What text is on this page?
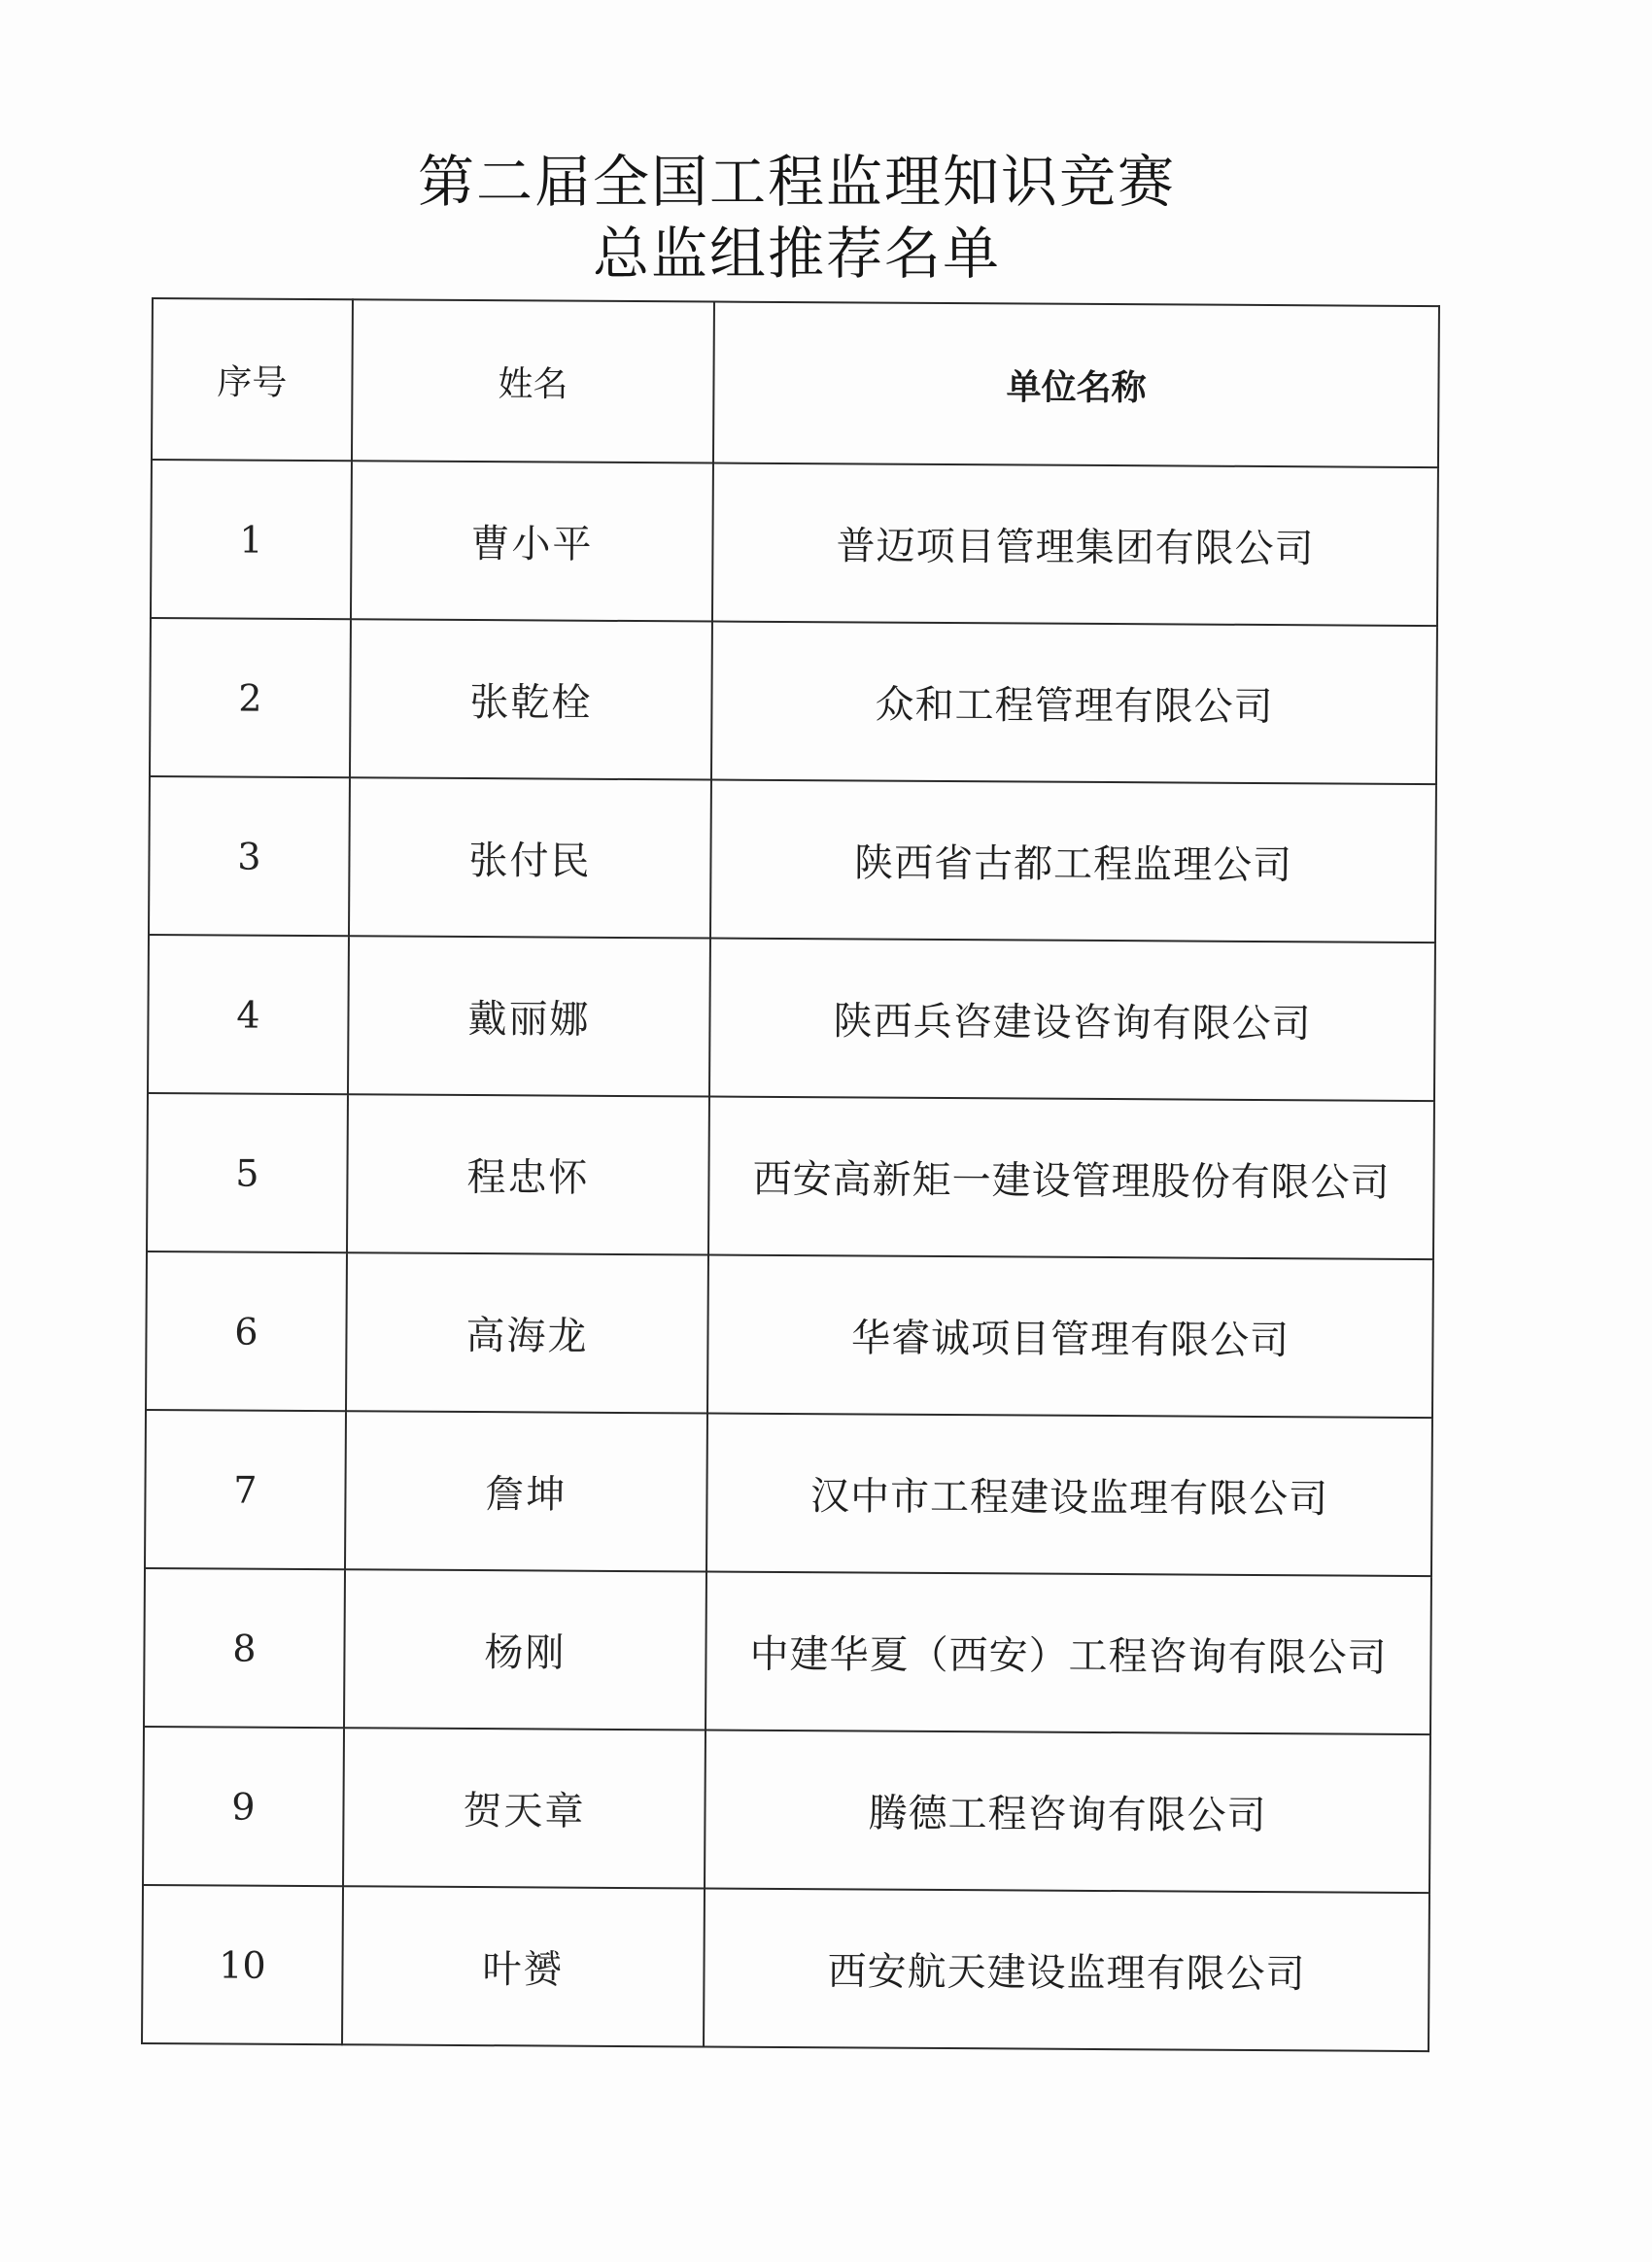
第二届全国工程监理知识竞赛
总监组推荐名单
序号	姓名	单位名称
1	曹小平	普迈项目管理集团有限公司
2	张乾栓	众和工程管理有限公司
3	张付民	陕西省古都工程监理公司
4	戴丽娜	陕西兵咨建设咨询有限公司
5	程忠怀	西安高新矩一建设管理股份有限公司
6	高海龙	华睿诚项目管理有限公司
7	詹坤	汉中市工程建设监理有限公司
8	杨刚	中建华夏（西安）工程咨询有限公司
9	贺天章	腾德工程咨询有限公司
10	叶赟	西安航天建设监理有限公司
